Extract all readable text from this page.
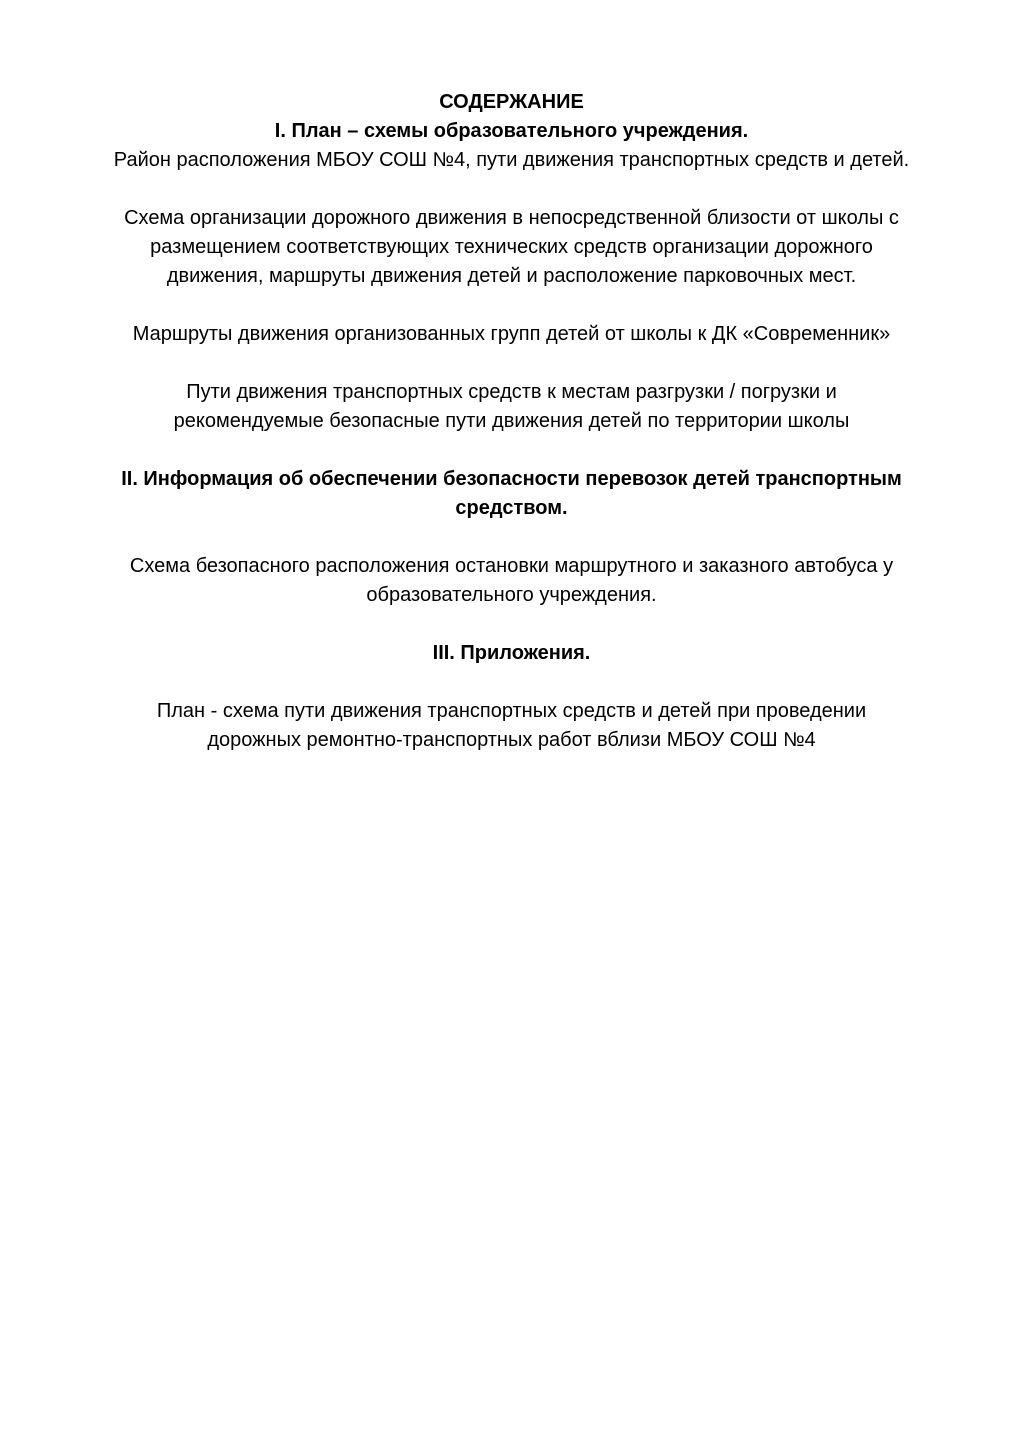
СОДЕРЖАНИЕ
I. План – схемы образовательного учреждения.
Район расположения МБОУ СОШ №4, пути движения транспортных средств и детей.
Схема организации дорожного движения в непосредственной близости от школы с
размещением соответствующих технических средств организации дорожного
движения, маршруты движения детей и расположение парковочных мест.
Маршруты движения организованных групп детей от школы к ДК «Современник»
Пути движения транспортных средств к местам разгрузки / погрузки и
рекомендуемые безопасные пути движения детей по территории школы
II. Информация об обеспечении безопасности перевозок детей транспортным
средством.
Схема безопасного расположения остановки маршрутного и заказного автобуса у
образовательного учреждения.
III. Приложения.
План - схема пути движения транспортных средств и детей при проведении
дорожных ремонтно-транспортных работ вблизи МБОУ СОШ №4
